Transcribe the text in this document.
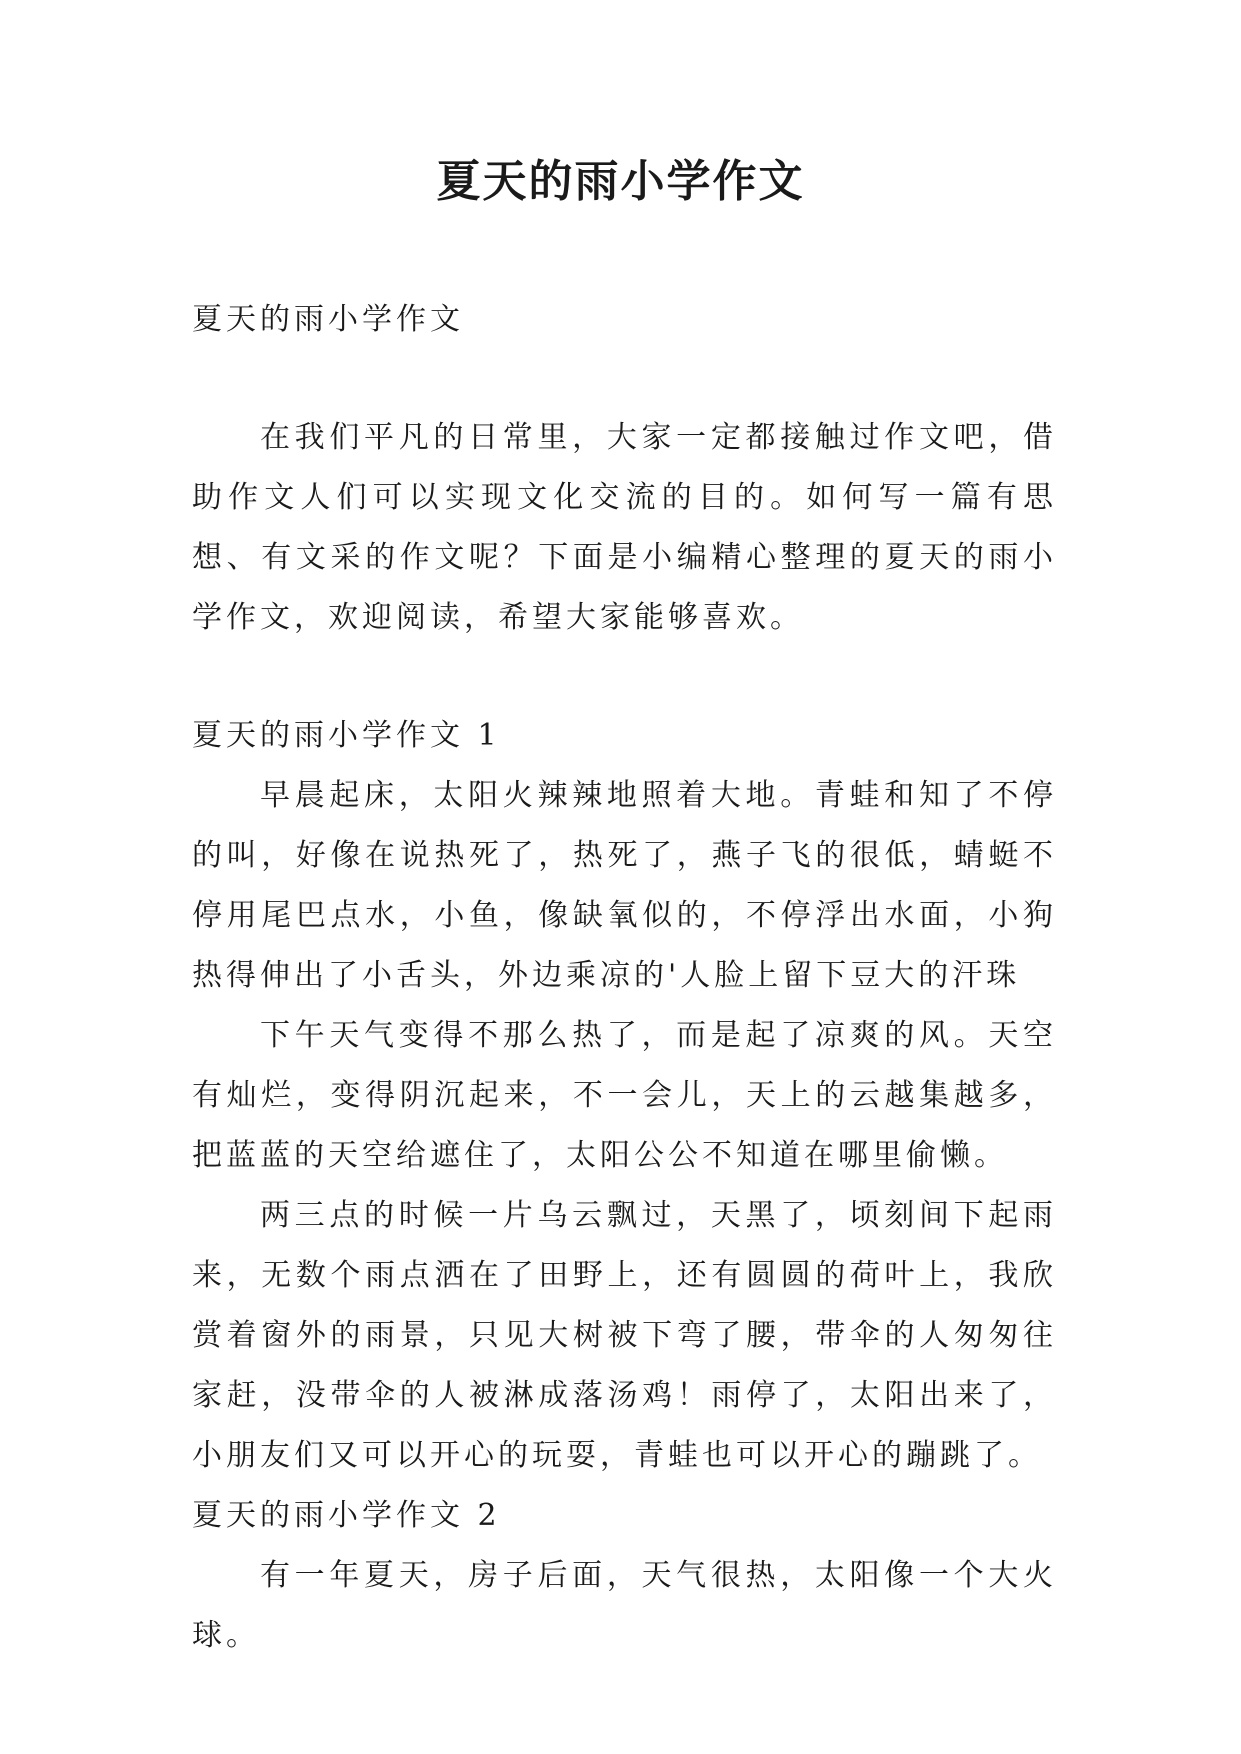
夏天的雨小学作文

夏天的雨小学作文

在我们平凡的日常里，大家一定都接触过作文吧，借助作文人们可以实现文化交流的目的。如何写一篇有思想、有文采的作文呢？下面是小编精心整理的夏天的雨小学作文，欢迎阅读，希望大家能够喜欢。

夏天的雨小学作文 1

早晨起床，太阳火辣辣地照着大地。青蛙和知了不停的叫，好像在说热死了，热死了，燕子飞的很低，蜻蜓不停用尾巴点水，小鱼，像缺氧似的，不停浮出水面，小狗热得伸出了小舌头，外边乘凉的'人脸上留下豆大的汗珠

下午天气变得不那么热了，而是起了凉爽的风。天空有灿烂，变得阴沉起来，不一会儿，天上的云越集越多，把蓝蓝的天空给遮住了，太阳公公不知道在哪里偷懒。

两三点的时候一片乌云飘过，天黑了，顷刻间下起雨来，无数个雨点洒在了田野上，还有圆圆的荷叶上，我欣赏着窗外的雨景，只见大树被下弯了腰，带伞的人匆匆往家赶，没带伞的人被淋成落汤鸡！雨停了，太阳出来了，小朋友们又可以开心的玩耍，青蛙也可以开心的蹦跳了。

夏天的雨小学作文 2

有一年夏天，房子后面，天气很热，太阳像一个大火球。
